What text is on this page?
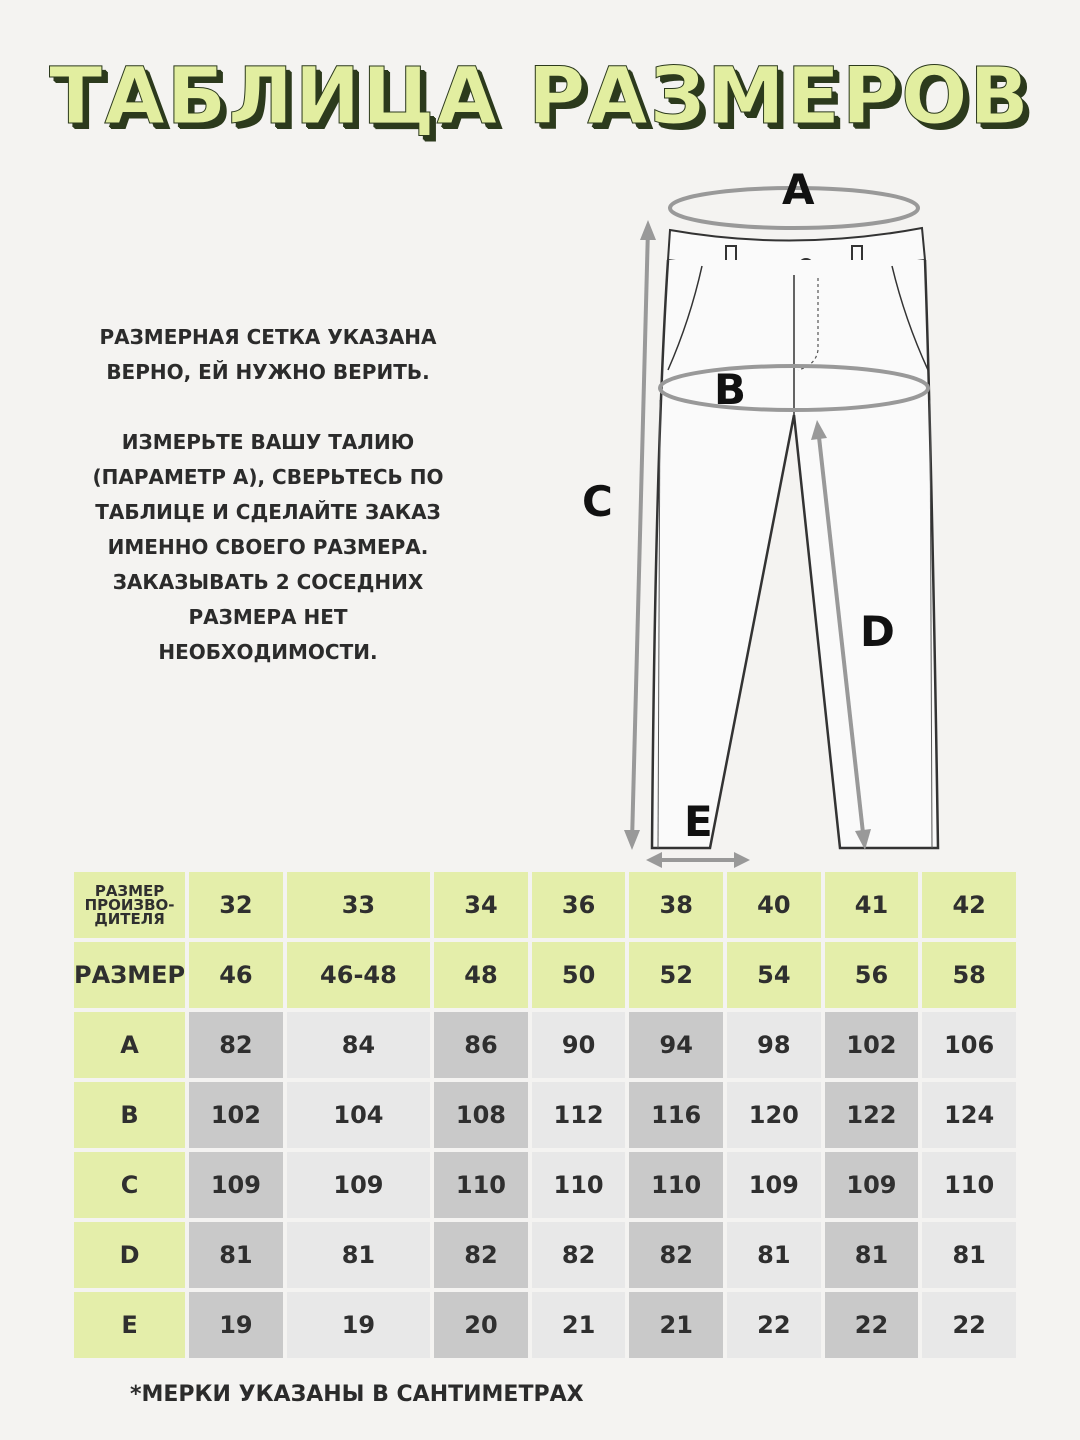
ТАБЛИЦА РАЗМЕРОВ

РАЗМЕРНАЯ СЕТКА УКАЗАНА ВЕРНО, ЕЙ НУЖНО ВЕРИТЬ.

ИЗМЕРЬТЕ ВАШУ ТАЛИЮ (ПАРАМЕТР А), СВЕРЬТЕСЬ ПО ТАБЛИЦЕ И СДЕЛАЙТЕ ЗАКАЗ ИМЕННО СВОЕГО РАЗМЕРА. ЗАКАЗЫВАТЬ 2 СОСЕДНИХ РАЗМЕРА НЕТ НЕОБХОДИМОСТИ.

A
B
C
D
E
РАЗМЕР ПРОИЗВО-ДИТЕЛЯ	32	33	34	36	38	40	41	42
РАЗМЕР	46	46-48	48	50	52	54	56	58
A	82	84	86	90	94	98	102	106
B	102	104	108	112	116	120	122	124
C	109	109	110	110	110	109	109	110
D	81	81	82	82	82	81	81	81
E	19	19	20	21	21	22	22	22
*МЕРКИ УКАЗАНЫ В САНТИМЕТРАХ
